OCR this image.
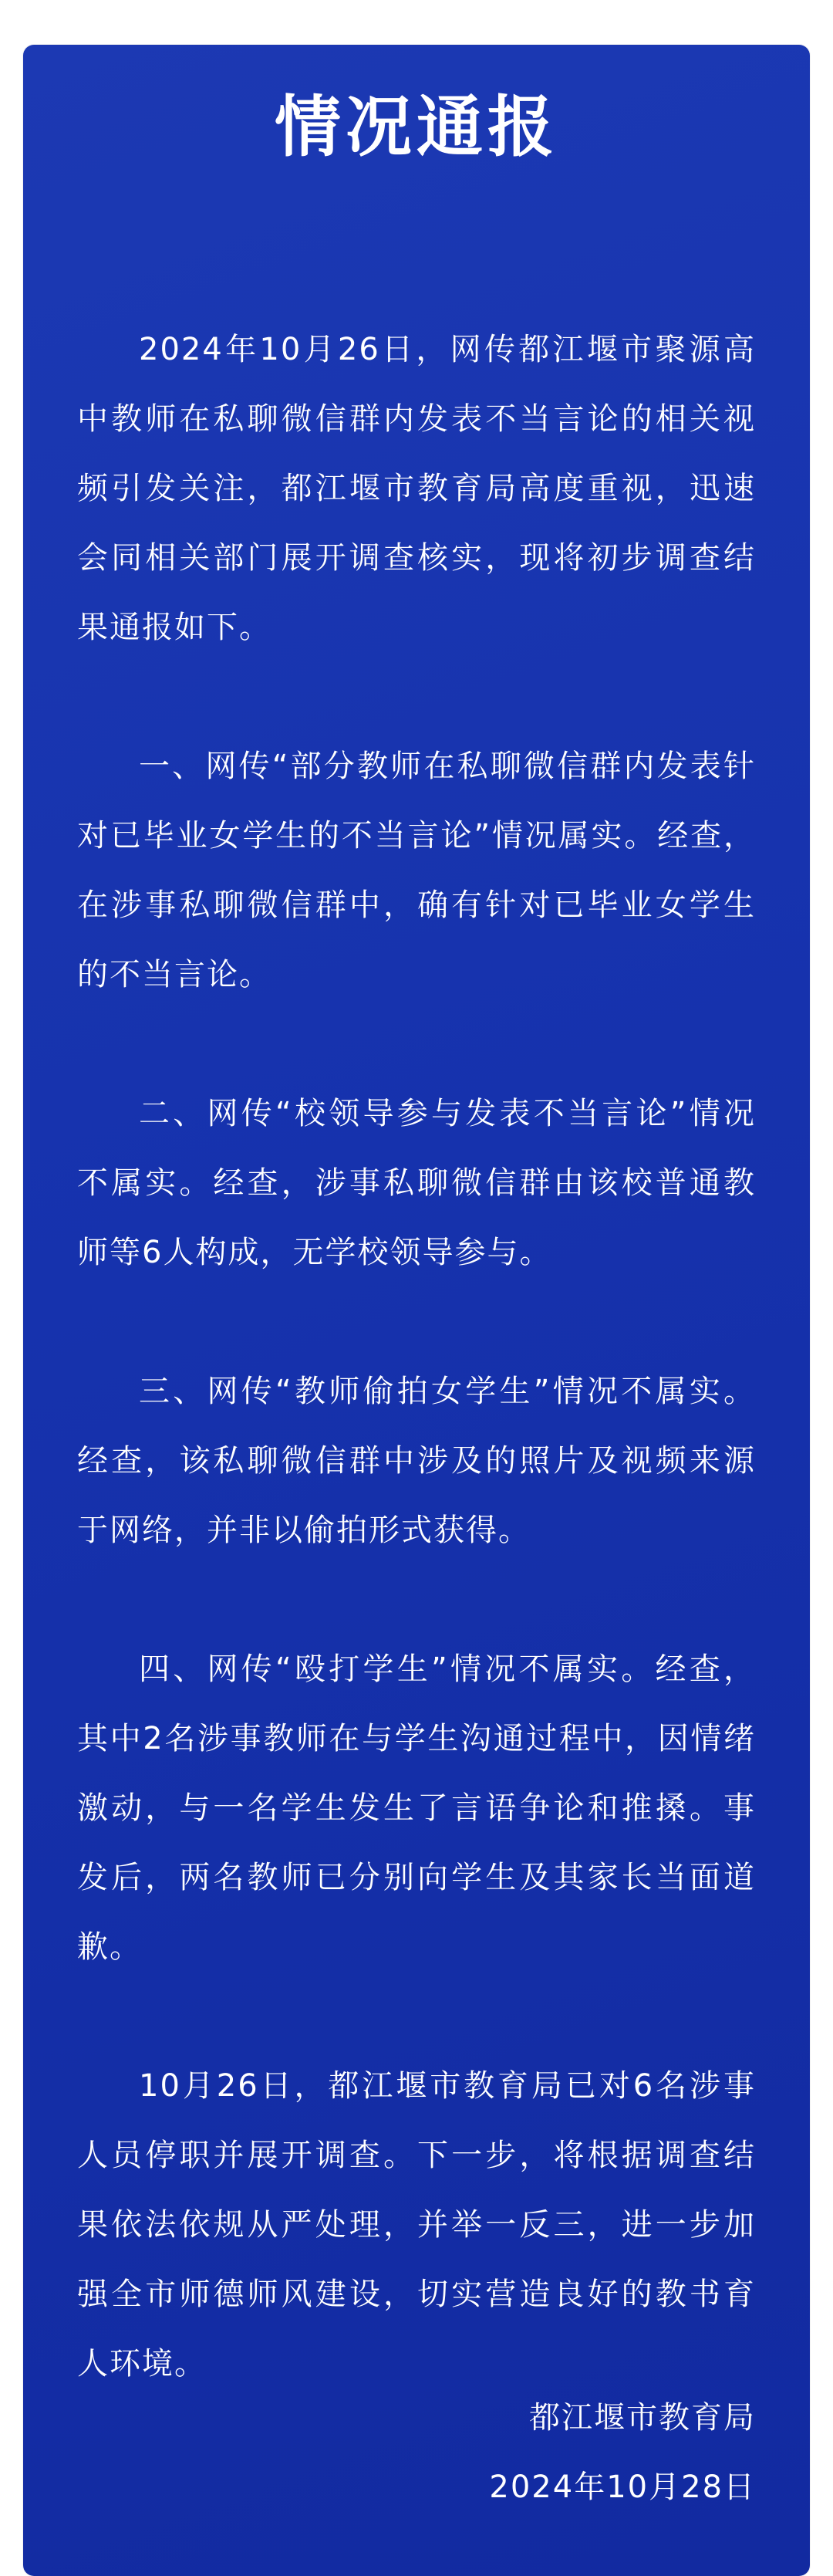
情况通报

2024年10月26日，网传都江堰市聚源高中教师在私聊微信群内发表不当言论的相关视频引发关注，都江堰市教育局高度重视，迅速会同相关部门展开调查核实，现将初步调查结果通报如下。

一、网传“部分教师在私聊微信群内发表针对已毕业女学生的不当言论”情况属实。经查，在涉事私聊微信群中，确有针对已毕业女学生的不当言论。

二、网传“校领导参与发表不当言论”情况不属实。经查，涉事私聊微信群由该校普通教师等6人构成，无学校领导参与。

三、网传“教师偷拍女学生”情况不属实。经查，该私聊微信群中涉及的照片及视频来源于网络，并非以偷拍形式获得。

四、网传“殴打学生”情况不属实。经查，其中2名涉事教师在与学生沟通过程中，因情绪激动，与一名学生发生了言语争论和推搡。事发后，两名教师已分别向学生及其家长当面道歉。

10月26日，都江堰市教育局已对6名涉事人员停职并展开调查。下一步，将根据调查结果依法依规从严处理，并举一反三，进一步加强全市师德师风建设，切实营造良好的教书育人环境。

都江堰市教育局
2024年10月28日
